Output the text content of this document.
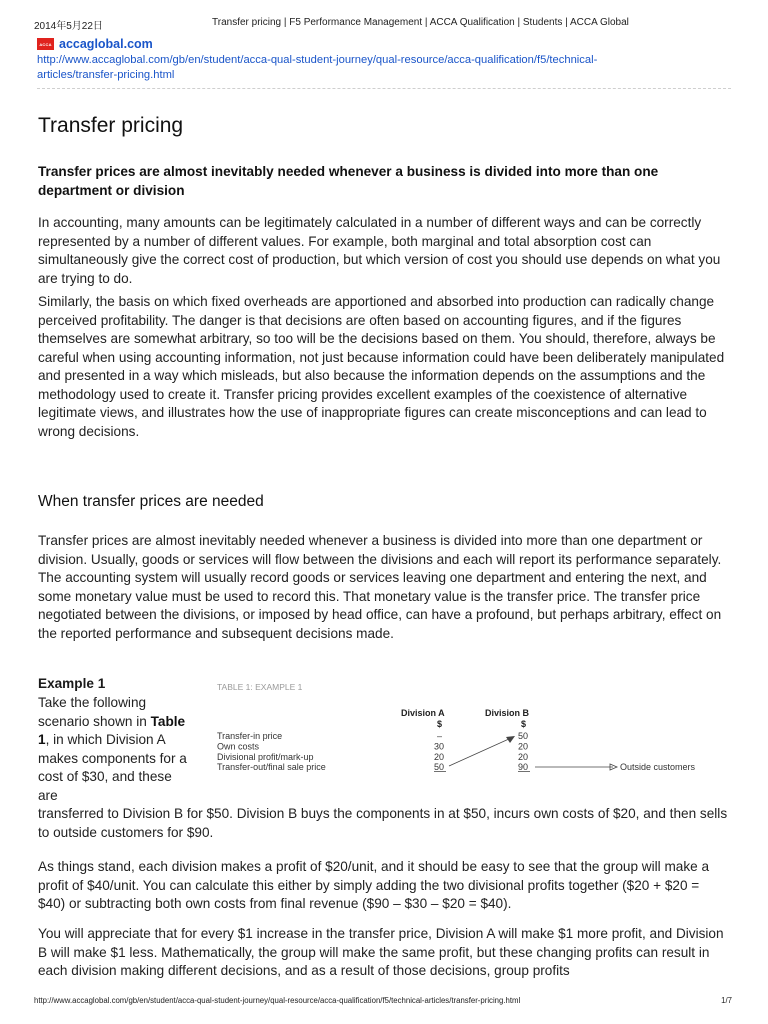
2014年5月22日	Transfer pricing | F5 Performance Management | ACCA Qualification | Students | ACCA Global
ACCA accaglobal.com
http://www.accaglobal.com/gb/en/student/acca-qual-student-journey/qual-resource/acca-qualification/f5/technical-
articles/transfer-pricing.html
Transfer pricing

Transfer prices are almost inevitably needed whenever a business is divided into more than one department or division

In accounting, many amounts can be legitimately calculated in a number of different ways and can be correctly represented by a number of different values. For example, both marginal and total absorption cost can simultaneously give the correct cost of production, but which version of cost you should use depends on what you are trying to do.

Similarly, the basis on which fixed overheads are apportioned and absorbed into production can radically change perceived profitability. The danger is that decisions are often based on accounting figures, and if the figures themselves are somewhat arbitrary, so too will be the decisions based on them. You should, therefore, always be careful when using accounting information, not just because information could have been deliberately manipulated and presented in a way which misleads, but also because the information depends on the assumptions and the methodology used to create it. Transfer pricing provides excellent examples of the coexistence of alternative legitimate views, and illustrates how the use of inappropriate figures can create misconceptions and can lead to wrong decisions.

When transfer prices are needed

Transfer prices are almost inevitably needed whenever a business is divided into more than one department or division. Usually, goods or services will flow between the divisions and each will report its performance separately. The accounting system will usually record goods or services leaving one department and entering the next, and some monetary value must be used to record this. That monetary value is the transfer price. The transfer price negotiated between the divisions, or imposed by head office, can have a profound, but perhaps arbitrary, effect on the reported performance and subsequent decisions made.

Example 1
Take the following scenario shown in Table 1, in which Division A makes components for a cost of $30, and these are
TABLE 1: EXAMPLE 1
Division A	Division B
$	$
Transfer-in price	–	50
Own costs	30	20
Divisional profit/mark-up	20	20
Transfer-out/final sale price	50	90	Outside customers

transferred to Division B for $50. Division B buys the components in at $50, incurs own costs of $20, and then sells to outside customers for $90.

As things stand, each division makes a profit of $20/unit, and it should be easy to see that the group will make a profit of $40/unit. You can calculate this either by simply adding the two divisional profits together ($20 + $20 = $40) or subtracting both own costs from final revenue ($90 – $30 – $20 = $40).

You will appreciate that for every $1 increase in the transfer price, Division A will make $1 more profit, and Division B will make $1 less. Mathematically, the group will make the same profit, but these changing profits can result in each division making different decisions, and as a result of those decisions, group profits

http://www.accaglobal.com/gb/en/student/acca-qual-student-journey/qual-resource/acca-qualification/f5/technical-articles/transfer-pricing.html	1/7
